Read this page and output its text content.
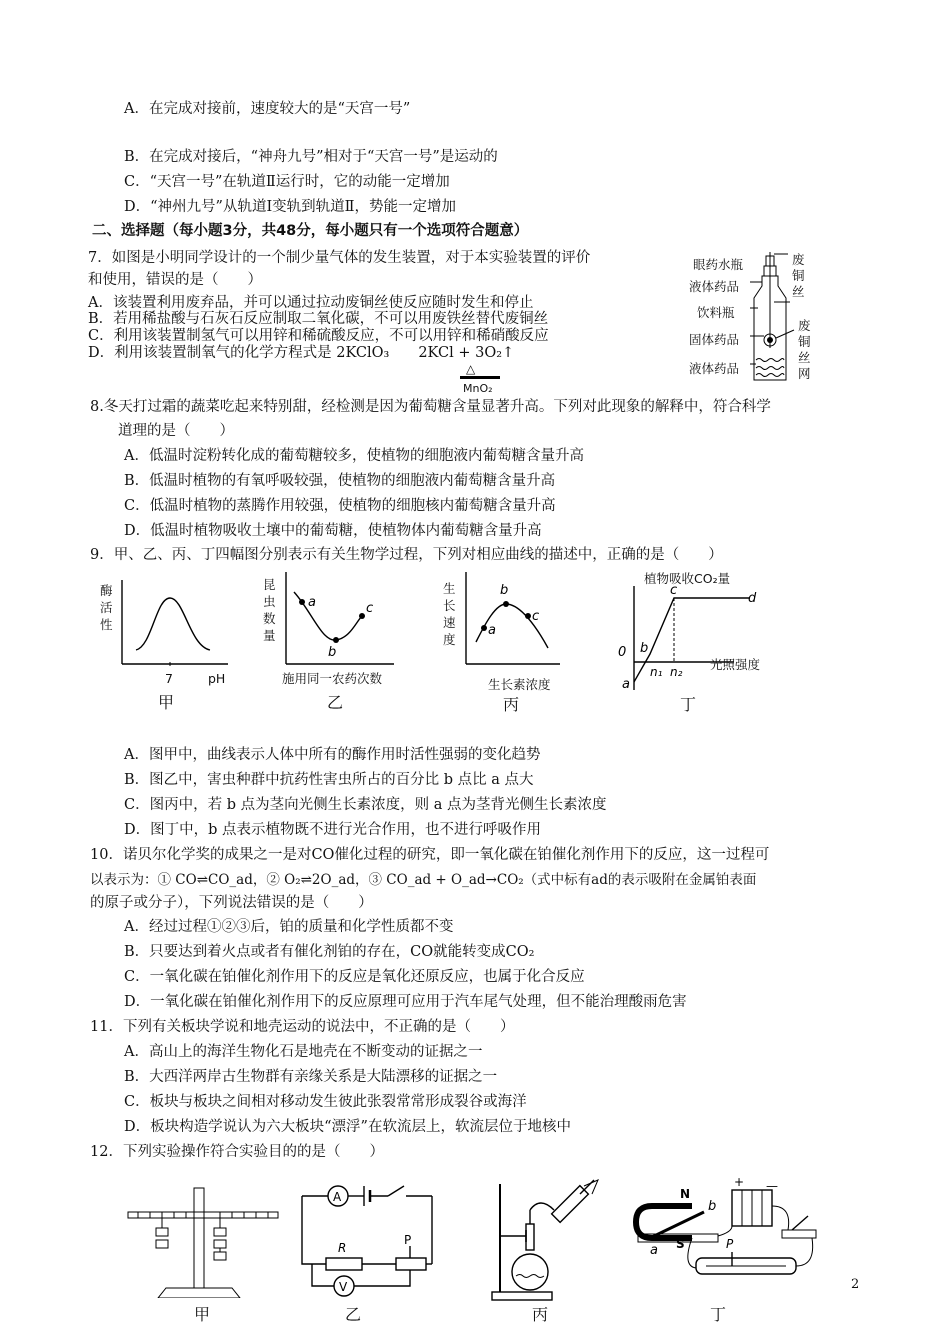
A．在完成对接前，速度较大的是“天宫一号”
B．在完成对接后，“神舟九号”相对于“天宫一号”是运动的
C．“天宫一号”在轨道Ⅱ运行时，它的动能一定增加
D．“神州九号”从轨道Ⅰ变轨到轨道Ⅱ，势能一定增加
二、选择题（每小题3分，共48分，每小题只有一个选项符合题意）
7．如图是小明同学设计的一个制少量气体的发生装置，对于本实验装置的评价
和使用，错误的是（　　）
A．该装置利用废弃品，并可以通过拉动废铜丝使反应随时发生和停止
B．若用稀盐酸与石灰石反应制取二氧化碳，不可以用废铁丝替代废铜丝
C．利用该装置制氢气可以用锌和稀硫酸反应，不可以用锌和稀硝酸反应
D．利用该装置制氧气的化学方程式是 2KClO₃　　2KCl + 3O₂↑
△
MnO₂
眼药水瓶
液体药品
饮料瓶
固体药品
液体药品
废铜丝
废铜丝网
8.冬天打过霜的蔬菜吃起来特别甜，经检测是因为葡萄糖含量显著升高。下列对此现象的解释中，符合科学
道理的是（　　）
A．低温时淀粉转化成的葡萄糖较多，使植物的细胞液内葡萄糖含量升高
B．低温时植物的有氧呼吸较强，使植物的细胞液内葡萄糖含量升高
C．低温时植物的蒸腾作用较强，使植物的细胞核内葡萄糖含量升高
D．低温时植物吸收土壤中的葡萄糖，使植物体内葡萄糖含量升高
9．甲、乙、丙、丁四幅图分别表示有关生物学过程，下列对相应曲线的描述中，正确的是（　　）
酶活性
7	pH
甲
昆虫数量
a
b
c
施用同一农药次数
乙
生长速度
a
b
c
生长素浓度
丙
植物吸收CO₂量
0
a
b
c
d
n₁ n₂ 光照强度
丁
A．图甲中，曲线表示人体中所有的酶作用时活性强弱的变化趋势
B．图乙中，害虫种群中抗药性害虫所占的百分比 b 点比 a 点大
C．图丙中，若 b 点为茎向光侧生长素浓度，则 a 点为茎背光侧生长素浓度
D．图丁中，b 点表示植物既不进行光合作用，也不进行呼吸作用
10．诺贝尔化学奖的成果之一是对CO催化过程的研究，即一氧化碳在铂催化剂作用下的反应，这一过程可
以表示为：① CO⇌CO_ad，② O₂⇌2O_ad，③ CO_ad + O_ad→CO₂（式中标有ad的表示吸附在金属铂表面
的原子或分子），下列说法错误的是（　　）
A．经过过程①②③后，铂的质量和化学性质都不变
B．只要达到着火点或者有催化剂铂的存在，CO就能转变成CO₂
C．一氧化碳在铂催化剂作用下的反应是氧化还原反应，也属于化合反应
D．一氧化碳在铂催化剂作用下的反应原理可应用于汽车尾气处理，但不能治理酸雨危害
11．下列有关板块学说和地壳运动的说法中，不正确的是（　　）
A．高山上的海洋生物化石是地壳在不断变动的证据之一
B．大西洋两岸古生物群有亲缘关系是大陆漂移的证据之一
C．板块与板块之间相对移动发生彼此张裂常常形成裂谷或海洋
D．板块构造学说认为六大板块“漂浮”在软流层上，软流层位于地核中
12．下列实验操作符合实验目的的是（　　）
甲
A
R
P
V
乙	丙
N
S
a
b
+ —
P
丁
2
